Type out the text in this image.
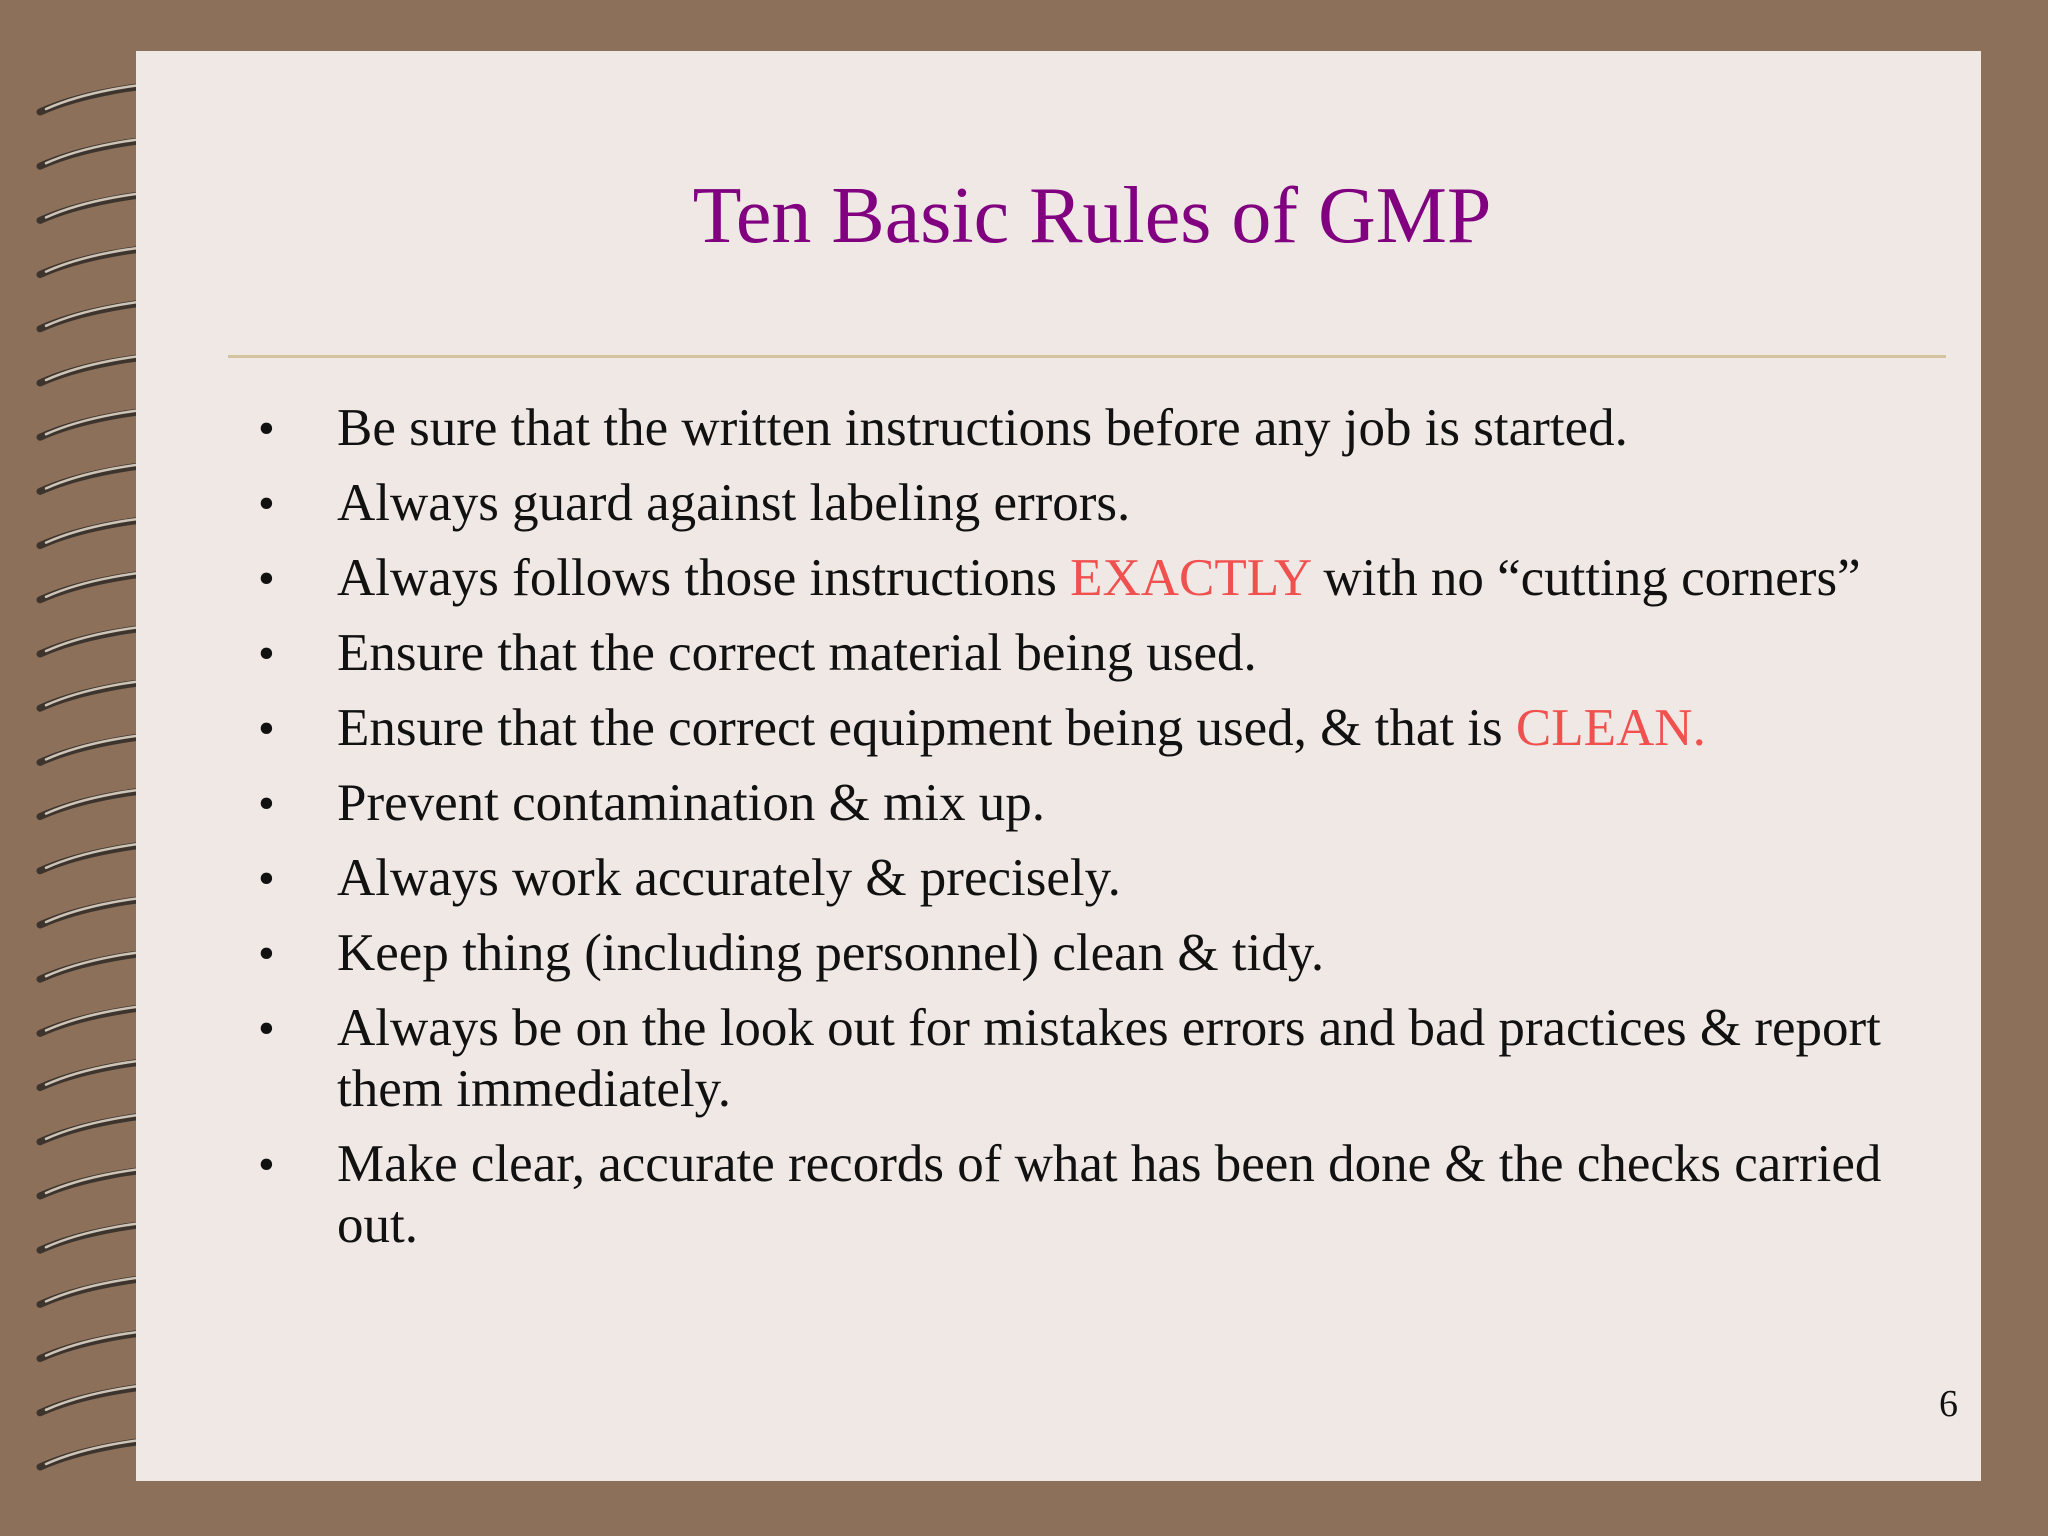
Ten Basic Rules of GMP
• Be sure that the written instructions before any job is started.
• Always guard against labeling errors.
• Always follows those instructions EXACTLY with no “cutting corners”
• Ensure that the correct material being used.
• Ensure that the correct equipment being used, & that is CLEAN.
• Prevent contamination & mix up.
• Always work accurately & precisely.
• Keep thing (including personnel) clean & tidy.
• Always be on the look out for mistakes errors and bad practices & report them immediately.
• Make clear, accurate records of what has been done & the checks carried out.
6
